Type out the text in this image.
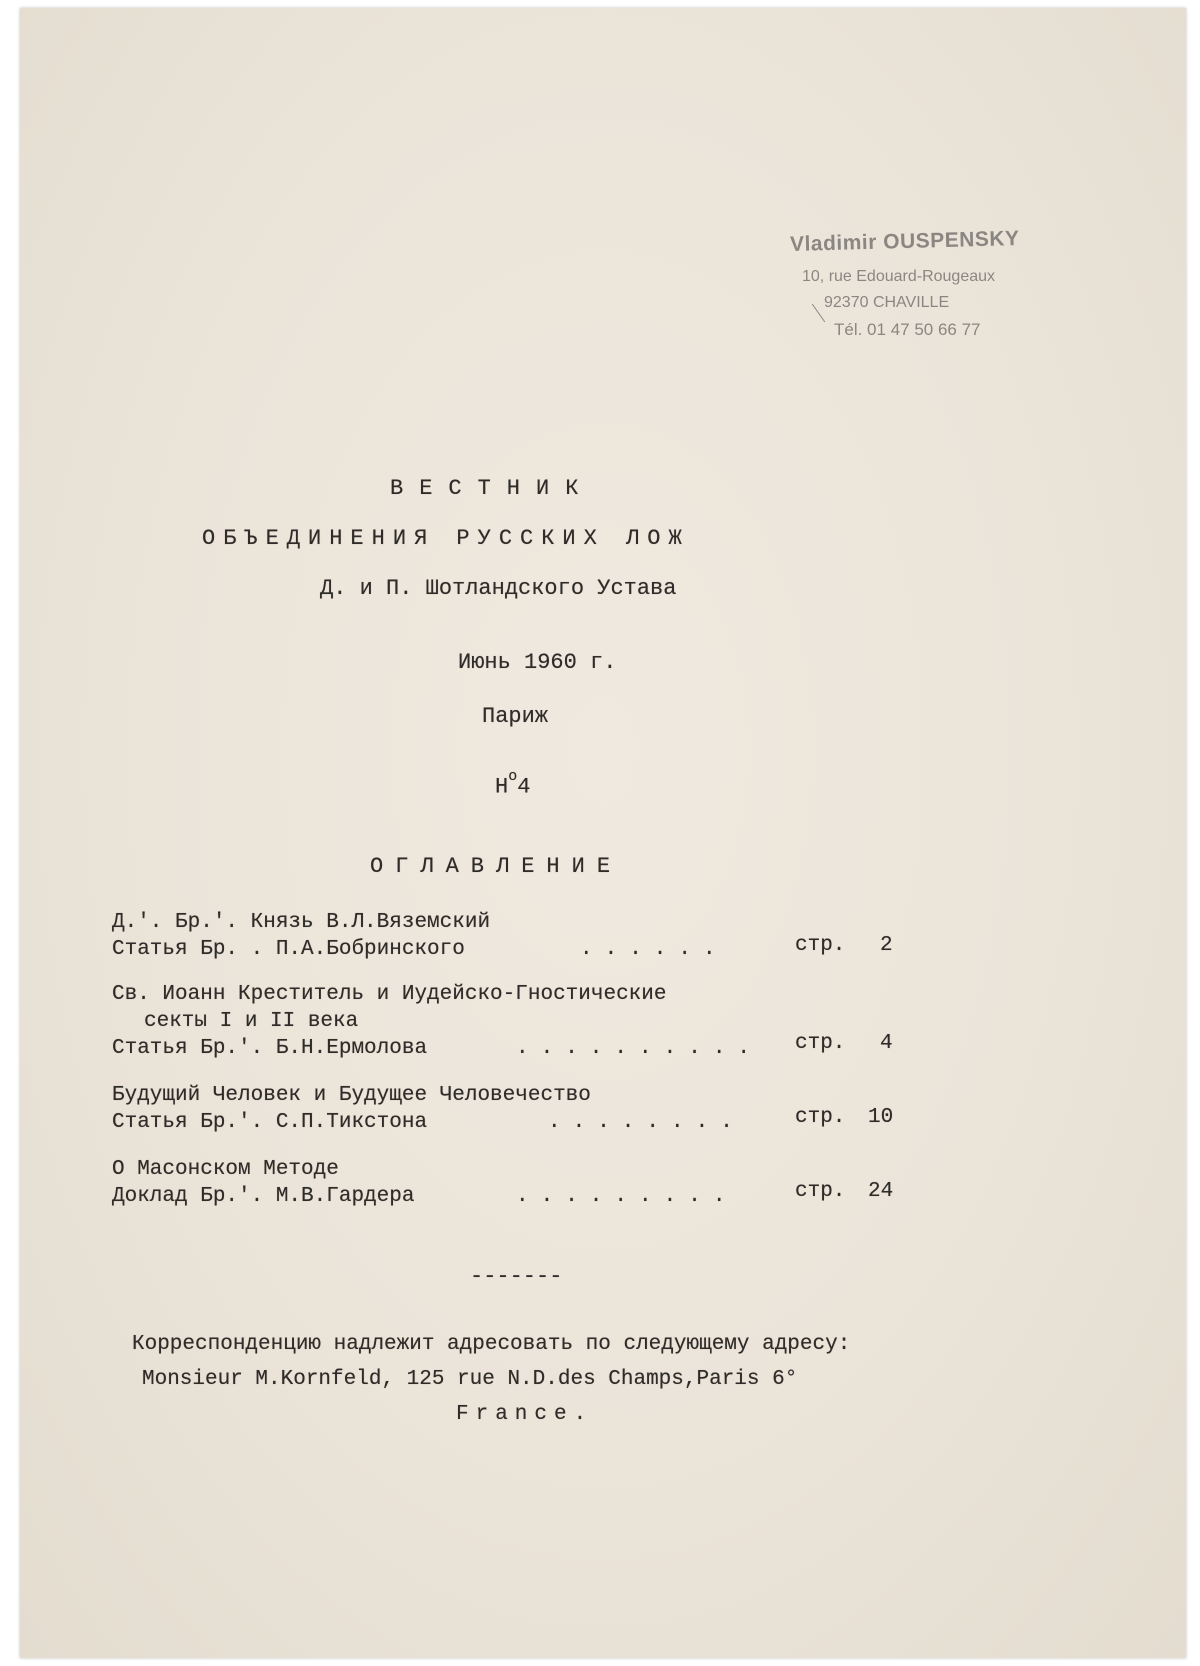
Vladimir OUSPENSKY
10, rue Edouard-Rougeaux
92370 CHAVILLE
Tél. 01 47 50 66 77
ВЕСТНИК
ОБЪЕДИНЕНИЯ РУССКИХ ЛОЖ
Д. и П. Шотландского Устава
Июнь 1960 г.
Париж
$Н^о4$
ОГЛАВЛЕНИЕ
Д.'. Бр.'. Князь В.Л.Вяземский
Статья Бр. . П.А.Бобринского	......	стр. 2
Св. Иоанн Креститель и Иудейско-Гностические
секты I и II века
Статья Бр.'. Б.Н.Ермолова	.......... стр. 4
Будущий Человек и Будущее Человечество
Статья Бр.'. С.П.Тикстона	........ стр. 10
О Масонском Методе
Доклад Бр.'. М.В.Гардера	.........	стр. 24
-------
Корреспонденцию надлежит адресовать по следующему адресу:
Monsieur M.Kornfeld, 125 rue N.D.des Champs,Paris 6°
France.
